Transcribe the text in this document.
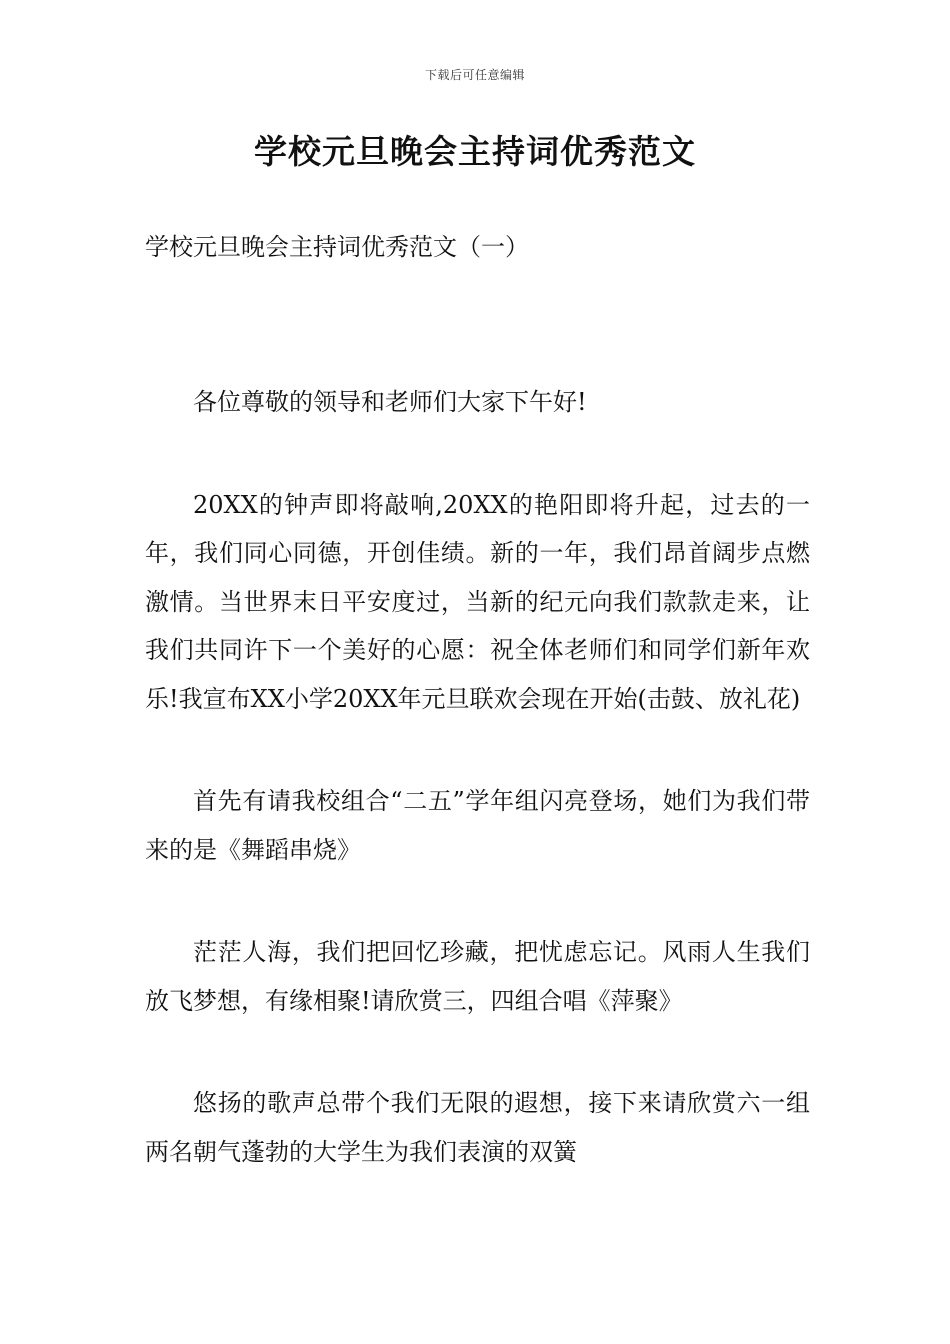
下载后可任意编辑
学校元旦晚会主持词优秀范文

学校元旦晚会主持词优秀范文（一）

各位尊敬的领导和老师们大家下午好!

20XX的钟声即将敲响,20XX的艳阳即将升起，过去的一年，我们同心同德，开创佳绩。新的一年，我们昂首阔步点燃激情。当世界末日平安度过，当新的纪元向我们款款走来，让我们共同许下一个美好的心愿：祝全体老师们和同学们新年欢乐!我宣布XX小学20XX年元旦联欢会现在开始(击鼓、放礼花)

首先有请我校组合“二五”学年组闪亮登场，她们为我们带来的是《舞蹈串烧》

茫茫人海，我们把回忆珍藏，把忧虑忘记。风雨人生我们放飞梦想，有缘相聚!请欣赏三，四组合唱《萍聚》

悠扬的歌声总带个我们无限的遐想，接下来请欣赏六一组两名朝气蓬勃的大学生为我们表演的双簧
